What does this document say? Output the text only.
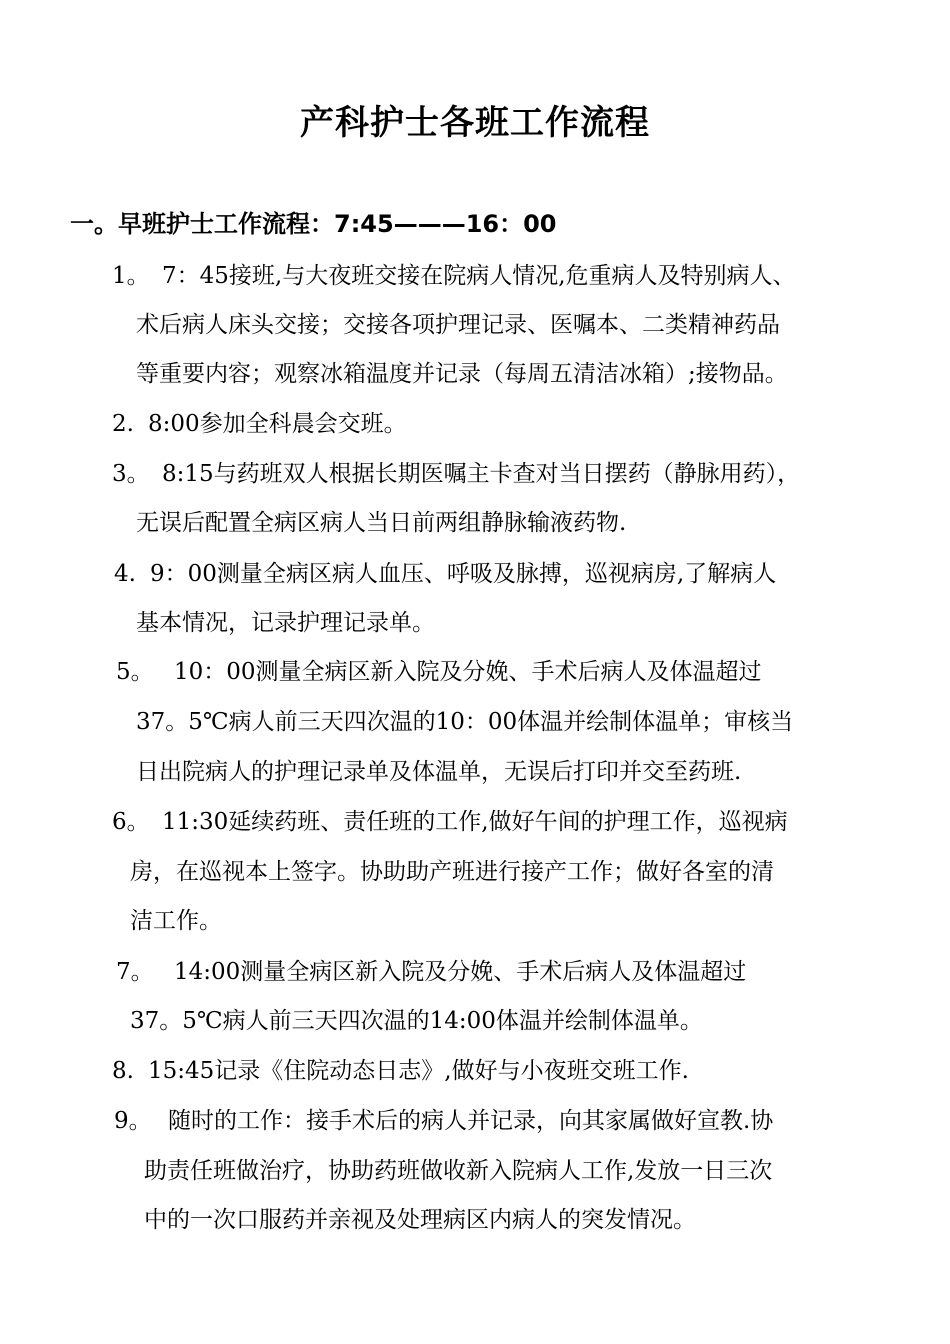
产科护士各班工作流程
一。早班护士工作流程：7:45———16：00
1。 7：45接班,与大夜班交接在院病人情况,危重病人及特别病人、
术后病人床头交接；交接各项护理记录、医嘱本、二类精神药品
等重要内容；观察冰箱温度并记录（每周五清洁冰箱）;接物品。
2. 8:00参加全科晨会交班。
3。 8:15与药班双人根据长期医嘱主卡查对当日摆药（静脉用药），
无误后配置全病区病人当日前两组静脉输液药物.
4. 9：00测量全病区病人血压、呼吸及脉搏，巡视病房,了解病人
基本情况，记录护理记录单。
5。 10：00测量全病区新入院及分娩、手术后病人及体温超过
37。5℃病人前三天四次温的10：00体温并绘制体温单；审核当
日出院病人的护理记录单及体温单，无误后打印并交至药班.
6。 11:30延续药班、责任班的工作,做好午间的护理工作，巡视病
房，在巡视本上签字。协助助产班进行接产工作；做好各室的清
洁工作。
7。 14:00测量全病区新入院及分娩、手术后病人及体温超过
37。5℃病人前三天四次温的14:00体温并绘制体温单。
8. 15:45记录《住院动态日志》,做好与小夜班交班工作.
9。 随时的工作：接手术后的病人并记录，向其家属做好宣教.协
助责任班做治疗，协助药班做收新入院病人工作,发放一日三次
中的一次口服药并亲视及处理病区内病人的突发情况。
